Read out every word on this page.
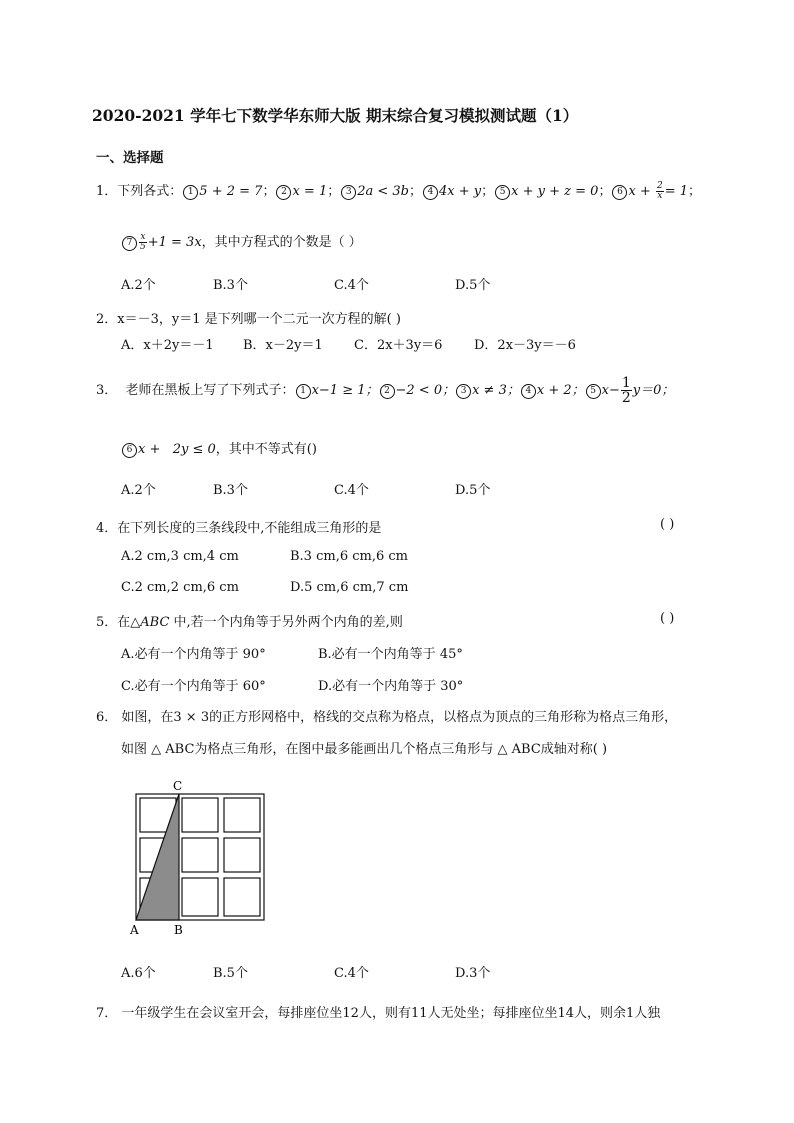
2020-2021 学年七下数学华东师大版 期末综合复习模拟测试题（1）
一、选择题
1．下列各式： 1 5 + 2 = 7； 2 x = 1； 3 2a < 3b； 4 4x + y； 5 x + y + z = 0； 6 $x + \frac{2}{x} = 1$；
$7 \frac{x}{5} +1 = 3x$，其中方程式的个数是（ ）
A.2个	B.3个	C.4个	D.5个
2．x＝－3，y＝1 是下列哪一个二元一次方程的解( )
A．x＋2y＝－1 B．x－2y＝1 C．2x＋3y＝6 D．2x－3y＝－6
3． 老师在黑板上写了下列式子： 1 x−1 ≥ 1； 2 −2 < 0； 3 x ≠ 3； 4 x + 2； 5 $x- \frac{1}{2} y=0$；
6 x +   2y ≤ 0，其中不等式有()
A.2个	B.3个	C.4个	D.5个
4．在下列长度的三条线段中,不能组成三角形的是	( )
A.2 cm,3 cm,4 cm	B.3 cm,6 cm,6 cm
C.2 cm,2 cm,6 cm	D.5 cm,6 cm,7 cm
5．在△ABC 中,若一个内角等于另外两个内角的差,则	( )
A.必有一个内角等于 90°	B.必有一个内角等于 45°
C.必有一个内角等于 60°	D.必有一个内角等于 30°
6． 如图，在3 × 3的正方形网格中，格线的交点称为格点，以格点为顶点的三角形称为格点三角形，
如图 △ ABC为格点三角形，在图中最多能画出几个格点三角形与 △ ABC成轴对称( )
C
A	B
A.6个	B.5个	C.4个	D.3个
7． 一年级学生在会议室开会，每排座位坐12人，则有11人无处坐；每排座位坐14人，则余1人独
